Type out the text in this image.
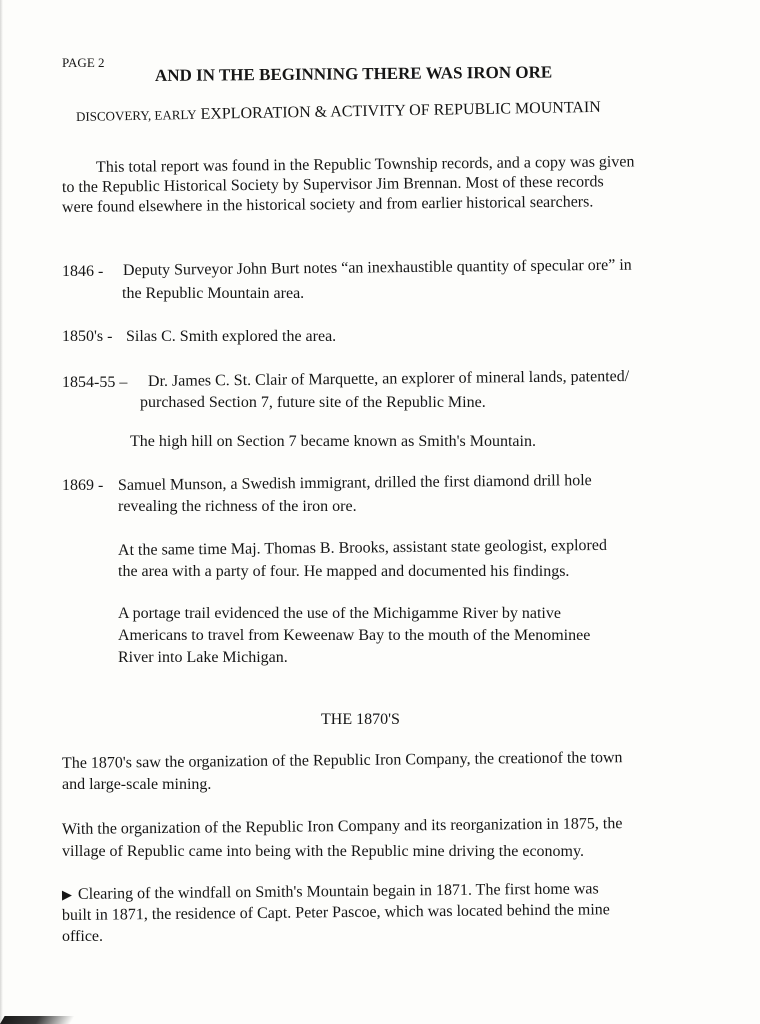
PAGE 2
AND IN THE BEGINNING THERE WAS IRON ORE
DISCOVERY, EARLY EXPLORATION & ACTIVITY OF REPUBLIC MOUNTAIN
This total report was found in the Republic Township records, and a copy was given
to the Republic Historical Society by Supervisor Jim Brennan. Most of these records
were found elsewhere in the historical society and from earlier historical searchers.
1846 - Deputy Surveyor John Burt notes “an inexhaustible quantity of specular ore” in
the Republic Mountain area.
1850's - Silas C. Smith explored the area.
1854-55 – Dr. James C. St. Clair of Marquette, an explorer of mineral lands, patented/
purchased Section 7, future site of the Republic Mine.
The high hill on Section 7 became known as Smith's Mountain.
1869 - Samuel Munson, a Swedish immigrant, drilled the first diamond drill hole
revealing the richness of the iron ore.
At the same time Maj. Thomas B. Brooks, assistant state geologist, explored
the area with a party of four. He mapped and documented his findings.
A portage trail evidenced the use of the Michigamme River by native
Americans to travel from Keweenaw Bay to the mouth of the Menominee
River into Lake Michigan.
THE 1870'S
The 1870's saw the organization of the Republic Iron Company, the creationof the town
and large-scale mining.
With the organization of the Republic Iron Company and its reorganization in 1875, the
village of Republic came into being with the Republic mine driving the economy.
▶ Clearing of the windfall on Smith's Mountain begain in 1871. The first home was
built in 1871, the residence of Capt. Peter Pascoe, which was located behind the mine
office.
